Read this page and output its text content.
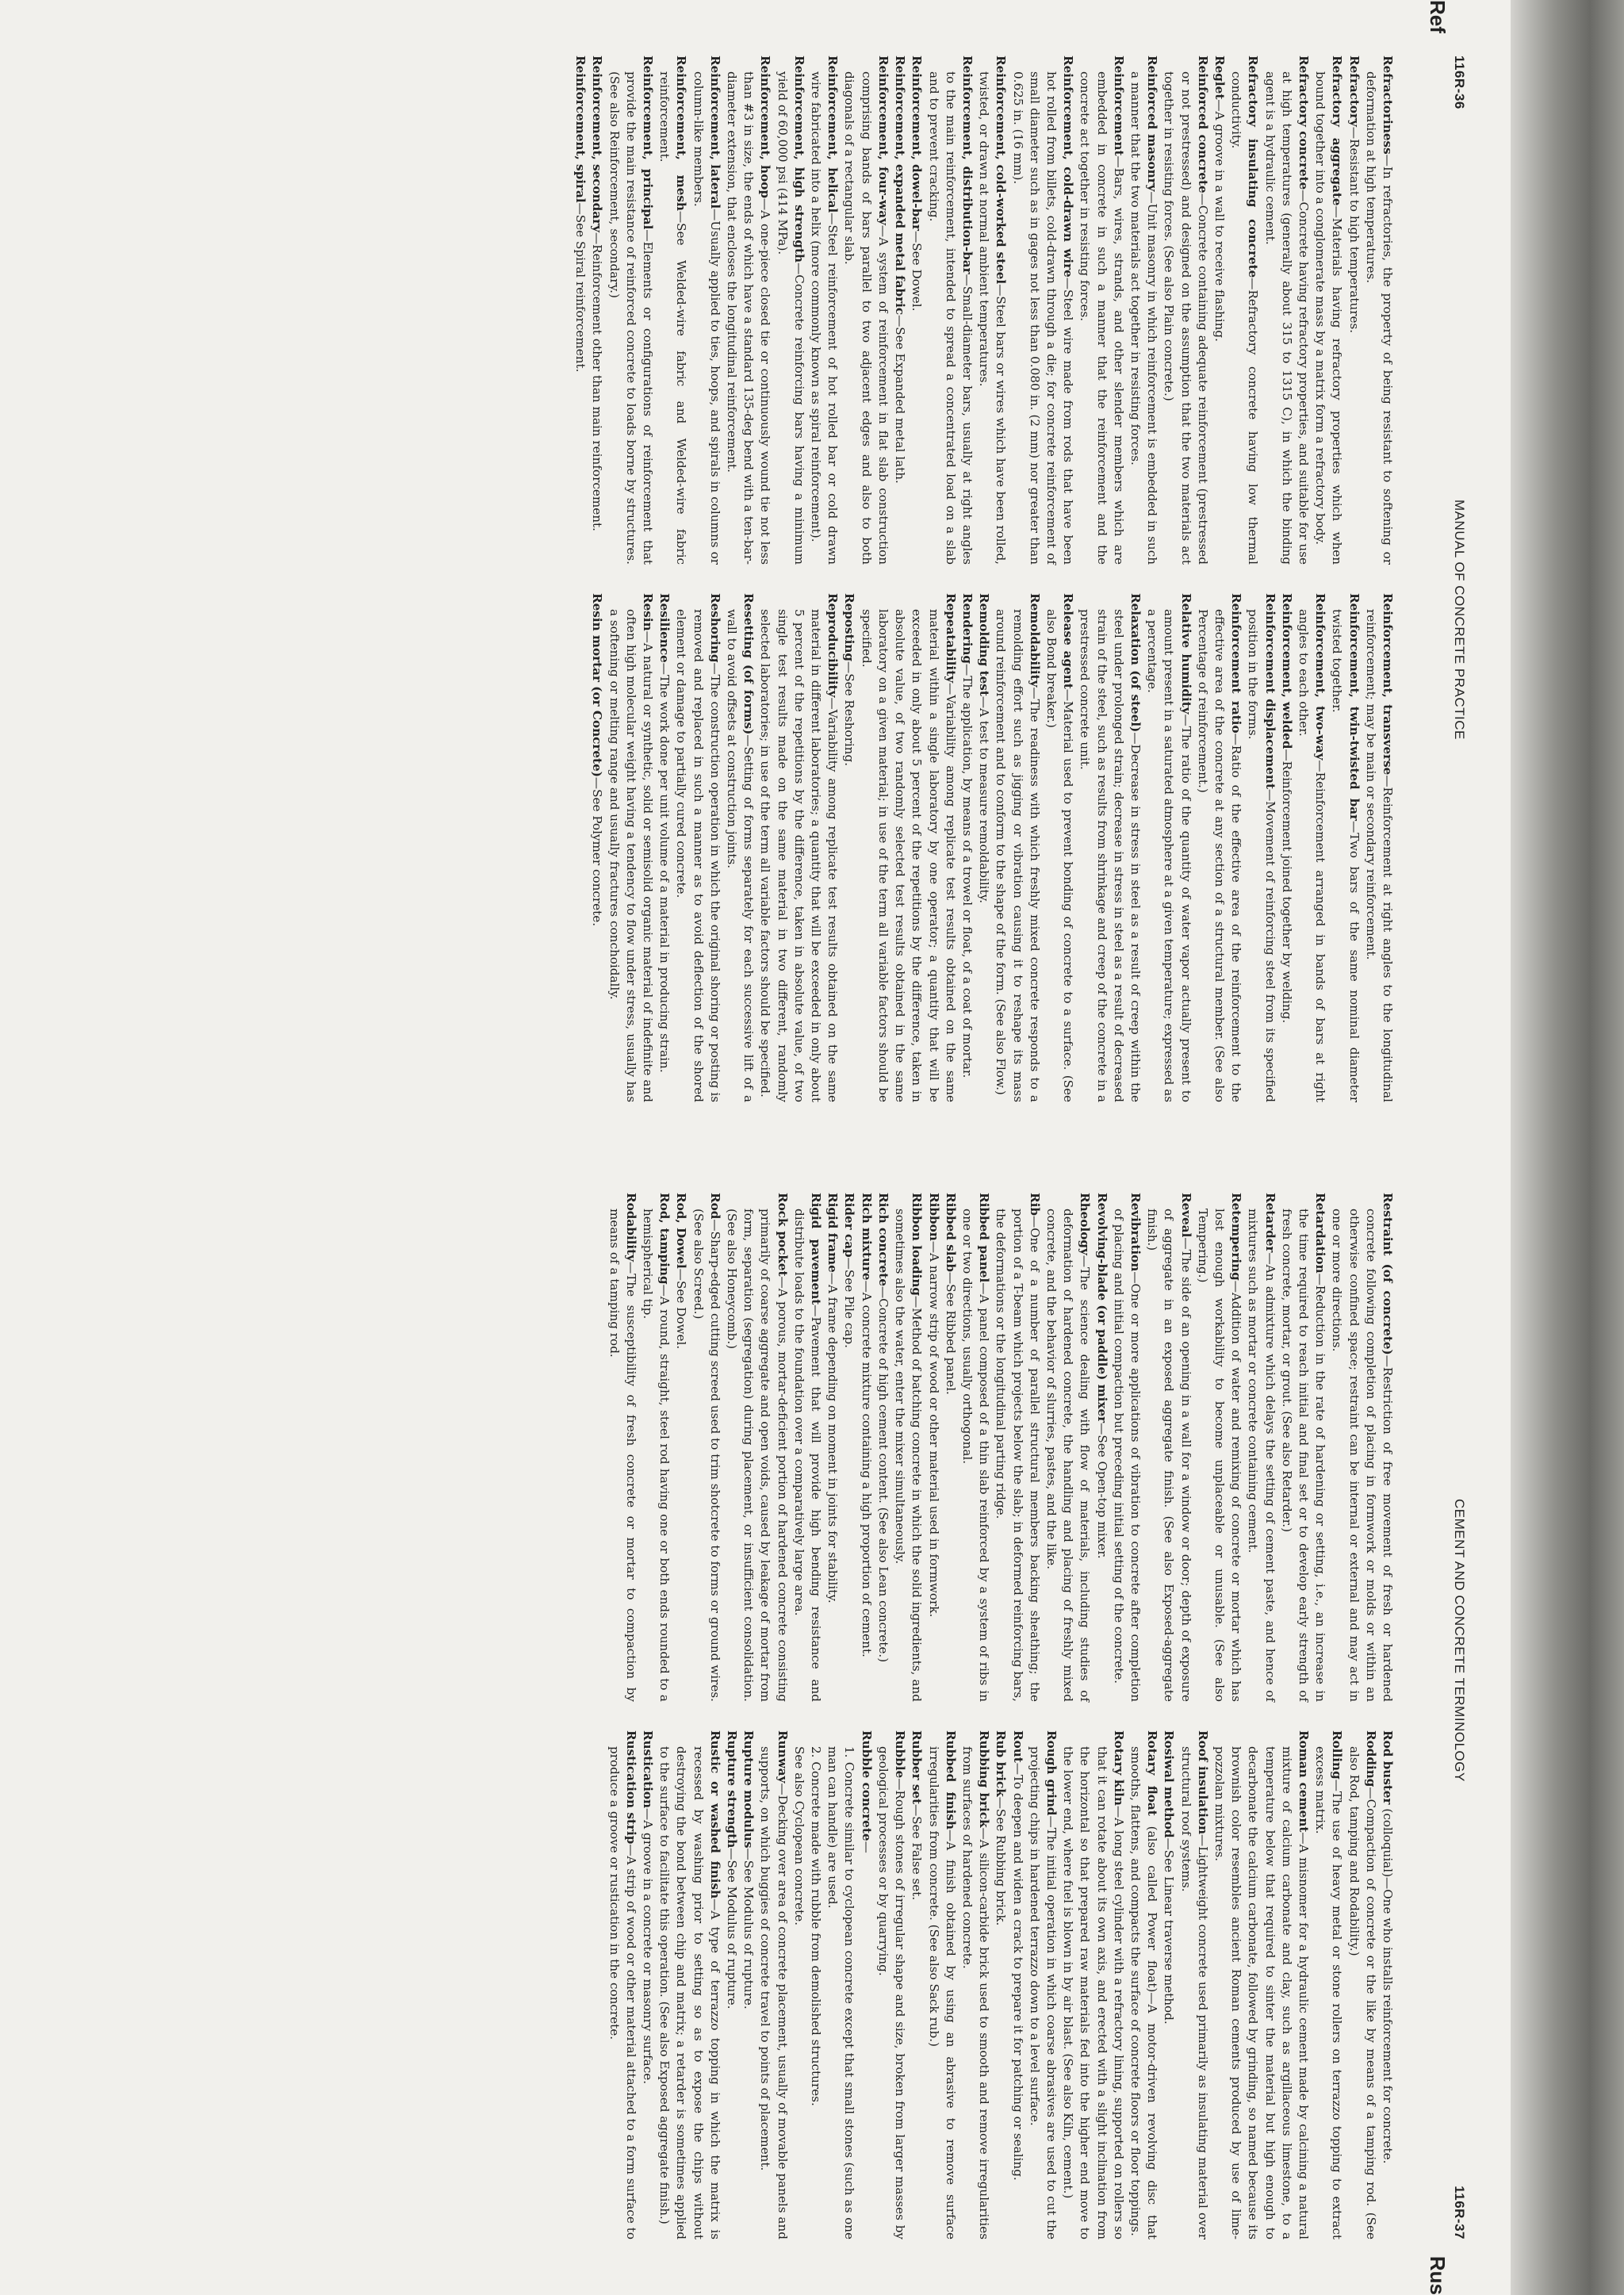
116R-36
MANUAL OF CONCRETE PRACTICE
CEMENT AND CONCRETE TERMINOLOGY
116R-37
Ref
Rus

Refractoriness—In refractories, the property of being resistant to softening or deformation at high temperatures.

Refractory—Resistant to high temperatures.

Refractory aggregate—Materials having refractory properties which when bound together into a conglomerate mass by a matrix form a refractory body.

Refractory concrete—Concrete having refractory properties, and suitable for use at high temperatures (generally about 315 to 1315 C), in which the binding agent is a hydraulic cement.

Refractory insulating concrete—Refractory concrete having low thermal conductivity.

Reglet—A groove in a wall to receive flashing.

Reinforced concrete—Concrete containing adequate reinforcement (prestressed or not prestressed) and designed on the assumption that the two materials act together in resisting forces. (See also Plain concrete.)

Reinforced masonry—Unit masonry in which reinforcement is embedded in such a manner that the two materials act together in resisting forces.

Reinforcement—Bars, wires, strands, and other slender members which are embedded in concrete in such a manner that the reinforcement and the concrete act together in resisting forces.

Reinforcement, cold-drawn wire—Steel wire made from rods that have been hot rolled from billets, cold-drawn through a die; for concrete reinforcement of small diameter such as in gages not less than 0.080 in. (2 mm) nor greater than 0.625 in. (16 mm).

Reinforcement, cold-worked steel—Steel bars or wires which have been rolled, twisted, or drawn at normal ambient temperatures.

Reinforcement, distribution-bar—Small-diameter bars, usually at right angles to the main reinforcement, intended to spread a concentrated load on a slab and to prevent cracking.

Reinforcement, dowel-bar—See Dowel.

Reinforcement, expanded metal fabric—See Expanded metal lath.

Reinforcement, four-way—A system of reinforcement in flat slab construction comprising bands of bars parallel to two adjacent edges and also to both diagonals of a rectangular slab.

Reinforcement, helical—Steel reinforcement of hot rolled bar or cold drawn wire fabricated into a helix (more commonly known as spiral reinforcement).

Reinforcement, high strength—Concrete reinforcing bars having a minimum yield of 60,000 psi (414 MPa).

Reinforcement, hoop—A one-piece closed tie or continuously wound tie not less than #3 in size, the ends of which have a standard 135-deg bend with a ten-bar-diameter extension, that encloses the longitudinal reinforcement.

Reinforcement, lateral—Usually applied to ties, hoops, and spirals in columns or column-like members.

Reinforcement, mesh—See Welded-wire fabric and Welded-wire fabric reinforcement.

Reinforcement, principal—Elements or configurations of reinforcement that provide the main resistance of reinforced concrete to loads borne by structures. (See also Reinforcement, secondary.)

Reinforcement, secondary—Reinforcement other than main reinforcement.

Reinforcement, spiral—See Spiral reinforcement.

Reinforcement, transverse—Reinforcement at right angles to the longitudinal reinforcement; may be main or secondary reinforcement.

Reinforcement, twin-twisted bar—Two bars of the same nominal diameter twisted together.

Reinforcement, two-way—Reinforcement arranged in bands of bars at right angles to each other.

Reinforcement, welded—Reinforcement joined together by welding.

Reinforcement displacement—Movement of reinforcing steel from its specified position in the forms.

Reinforcement ratio—Ratio of the effective area of the reinforcement to the effective area of the concrete at any section of a structural member. (See also Percentage of reinforcement.)

Relative humidity—The ratio of the quantity of water vapor actually present to amount present in a saturated atmosphere at a given temperature; expressed as a percentage.

Relaxation (of steel)—Decrease in stress in steel as a result of creep within the steel under prolonged strain; decrease in stress in steel as a result of decreased strain of the steel, such as results from shrinkage and creep of the concrete in a prestressed concrete unit.

Release agent—Material used to prevent bonding of concrete to a surface. (See also Bond breaker.)

Remoldability—The readiness with which freshly mixed concrete responds to a remolding effort such as jigging or vibration causing it to reshape its mass around reinforcement and to conform to the shape of the form. (See also Flow.)

Remolding test—A test to measure remoldability.

Rendering—The application, by means of a trowel or float, of a coat of mortar.

Repeatability—Variability among replicate test results obtained on the same material within a single laboratory by one operator; a quantity that will be exceeded in only about 5 percent of the repetitions by the difference, taken in absolute value, of two randomly selected test results obtained in the same laboratory on a given material; in use of the term all variable factors should be specified.

Reposting—See Reshoring.

Reproducibility—Variability among replicate test results obtained on the same material in different laboratories; a quantity that will be exceeded in only about 5 percent of the repetitions by the difference, taken in absolute value, of two single test results made on the same material in two different, randomly selected laboratories; in use of the term all variable factors should be specified.

Resetting (of forms)—Setting of forms separately for each successive lift of a wall to avoid offsets at construction joints.

Reshoring—The construction operation in which the original shoring or posting is removed and replaced in such a manner as to avoid deflection of the shored element or damage to partially cured concrete.

Resilience—The work done per unit volume of a material in producing strain.

Resin—A natural or synthetic, solid or semisolid organic material of indefinite and often high molecular weight having a tendency to flow under stress, usually has a softening or melting range and usually fractures conchoidally.

Resin mortar (or Concrete)—See Polymer concrete.

Restraint (of concrete)—Restriction of free movement of fresh or hardened concrete following completion of placing in formwork or molds or within an otherwise confined space; restraint can be internal or external and may act in one or more directions.

Retardation—Reduction in the rate of hardening or setting, i.e., an increase in the time required to reach initial and final set or to develop early strength of fresh concrete, mortar, or grout. (See also Retarder.)

Retarder—An admixture which delays the setting of cement paste, and hence of mixtures such as mortar or concrete containing cement.

Retempering—Addition of water and remixing of concrete or mortar which has lost enough workability to become unplaceable or unusable. (See also Tempering.)

Reveal—The side of an opening in a wall for a window or door; depth of exposure of aggregate in an exposed aggregate finish. (See also Exposed-aggregate finish.)

Revibration—One or more applications of vibration to concrete after completion of placing and initial compaction but preceding initial setting of the concrete.

Revolving-blade (or paddle) mixer—See Open-top mixer.

Rheology—The science dealing with flow of materials, including studies of deformation of hardened concrete, the handling and placing of freshly mixed concrete, and the behavior of slurries, pastes, and the like.

Rib—One of a number of parallel structural members backing sheathing; the portion of a T-beam which projects below the slab; in deformed reinforcing bars, the deformations or the longitudinal parting ridge.

Ribbed panel—A panel composed of a thin slab reinforced by a system of ribs in one or two directions, usually orthogonal.

Ribbed slab—See Ribbed panel.

Ribbon—A narrow strip of wood or other material used in formwork.

Ribbon loading—Method of batching concrete in which the solid ingredients, and sometimes also the water, enter the mixer simultaneously.

Rich concrete—Concrete of high cement content. (See also Lean concrete.)

Rich mixture—A concrete mixture containing a high proportion of cement.

Rider cap—See Pile cap.

Rigid frame—A frame depending on moment in joints for stability.

Rigid pavement—Pavement that will provide high bending resistance and distribute loads to the foundation over a comparatively large area.

Rock pocket—A porous, mortar-deficient portion of hardened concrete consisting primarily of coarse aggregate and open voids, caused by leakage of mortar from form, separation (segregation) during placement, or insufficient consolidation. (See also Honeycomb.)

Rod—Sharp-edged cutting screed used to trim shotcrete to forms or ground wires. (See also Screed.)

Rod, Dowel—See Dowel.

Rod, tamping—A round, straight, steel rod having one or both ends rounded to a hemispherical tip.

Rodability—The susceptibility of fresh concrete or mortar to compaction by means of a tamping rod.

Rod buster (colloquial)—One who installs reinforcement for concrete.

Rodding—Compaction of concrete or the like by means of a tamping rod. (See also Rod, tamping and Rodability.)

Rolling—The use of heavy metal or stone rollers on terrazzo topping to extract excess matrix.

Roman cement—A misnomer for a hydraulic cement made by calcining a natural mixture of calcium carbonate and clay, such as argillaceous limestone, to a temperature below that required to sinter the material but high enough to decarbonate the calcium carbonate, followed by grinding, so named because its brownish color resembles ancient Roman cements produced by use of lime-pozzolan mixtures.

Roof insulation—Lightweight concrete used primarily as insulating material over structural roof systems.

Rosiwal method—See Linear traverse method.

Rotary float (also called Power float)—A motor-driven revolving disc that smooths, flattens, and compacts the surface of concrete floors or floor toppings.

Rotary kiln—A long steel cylinder with a refractory lining, supported on rollers so that it can rotate about its own axis, and erected with a slight inclination from the horizontal so that prepared raw materials fed into the higher end move to the lower end, where fuel is blown in by air blast. (See also Kiln, cement.)

Rough grind—The initial operation in which coarse abrasives are used to cut the projecting chips in hardened terrazzo down to a level surface.

Rout—To deepen and widen a crack to prepare it for patching or sealing.

Rub brick—See Rubbing brick.

Rubbing brick—A silicon-carbide brick used to smooth and remove irregularities from surfaces of hardened concrete.

Rubbed finish—A finish obtained by using an abrasive to remove surface irregularities from concrete. (See also Sack rub.)

Rubber set—See False set.

Rubble—Rough stones of irregular shape and size, broken from larger masses by geological processes or by quarrying.

Rubble concrete—

1. Concrete similar to cyclopean concrete except that small stones (such as one man can handle) are used.

2. Concrete made with rubble from demolished structures.

See also Cyclopean concrete.

Runway—Decking over area of concrete placement, usually of movable panels and supports, on which buggies of concrete travel to points of placement.

Rupture modulus—See Modulus of rupture.

Rupture strength—See Modulus of rupture.

Rustic or washed finish—A type of terrazzo topping in which the matrix is recessed by washing prior to setting so as to expose the chips without destroying the bond between chip and matrix; a retarder is sometimes applied to the surface to facilitate this operation. (See also Exposed aggregate finish.)

Rustication—A groove in a concrete or masonry surface.

Rustication strip—A strip of wood or other material attached to a form surface to produce a groove or rustication in the concrete.
